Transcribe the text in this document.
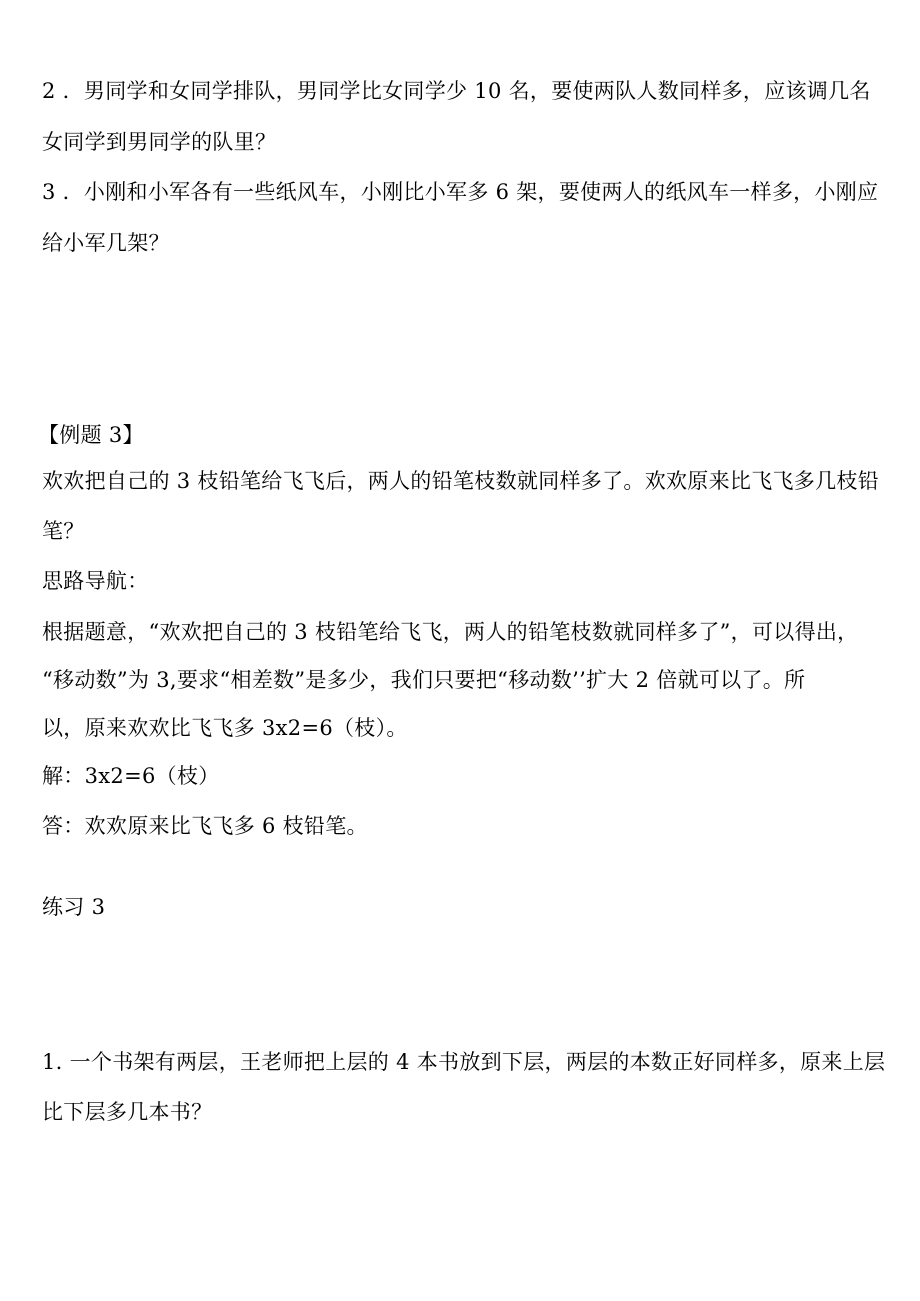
2 ．男同学和女同学排队，男同学比女同学少 10 名，要使两队人数同样多，应该调几名
女同学到男同学的队里？
3 ．小刚和小军各有一些纸风车，小刚比小军多 6 架，要使两人的纸风车一样多，小刚应
给小军几架？
【例题 3】
欢欢把自己的 3 枝铅笔给飞飞后，两人的铅笔枝数就同样多了。欢欢原来比飞飞多几枝铅
笔？
思路导航：
根据题意，“欢欢把自己的 3 枝铅笔给飞飞，两人的铅笔枝数就同样多了”，可以得出，
“移动数”为 3,要求“相差数”是多少，我们只要把“移动数’’扩大 2 倍就可以了。所
以，原来欢欢比飞飞多 3x2=6（枝）。
解：3x2=6（枝）
答：欢欢原来比飞飞多 6 枝铅笔。
练习 3
1. 一个书架有两层，王老师把上层的 4 本书放到下层，两层的本数正好同样多，原来上层
比下层多几本书？
